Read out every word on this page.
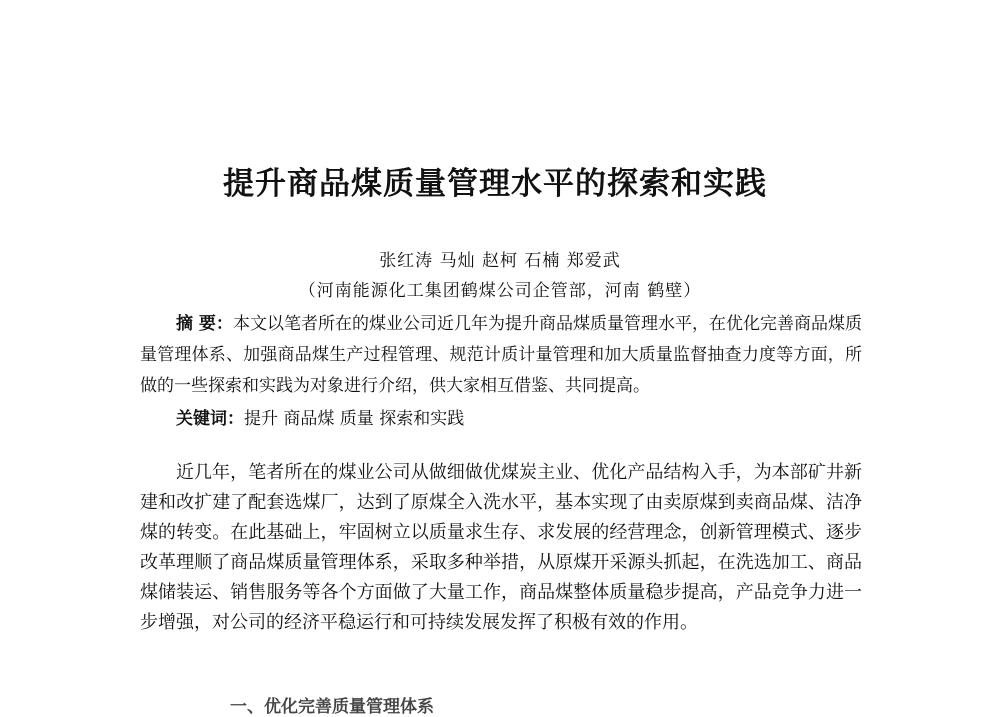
提升商品煤质量管理水平的探索和实践
张红涛 马灿 赵柯 石楠 郑爱武
（河南能源化工集团鹤煤公司企管部，河南 鹤壁）
摘 要：本文以笔者所在的煤业公司近几年为提升商品煤质量管理水平，在优化完善商品煤质量管理体系、加强商品煤生产过程管理、规范计质计量管理和加大质量监督抽查力度等方面，所做的一些探索和实践为对象进行介绍，供大家相互借鉴、共同提高。
关键词：提升 商品煤 质量 探索和实践
近几年，笔者所在的煤业公司从做细做优煤炭主业、优化产品结构入手，为本部矿井新建和改扩建了配套选煤厂，达到了原煤全入洗水平，基本实现了由卖原煤到卖商品煤、洁净煤的转变。在此基础上，牢固树立以质量求生存、求发展的经营理念，创新管理模式、逐步改革理顺了商品煤质量管理体系，采取多种举措，从原煤开采源头抓起，在洗选加工、商品煤储装运、销售服务等各个方面做了大量工作，商品煤整体质量稳步提高，产品竞争力进一步增强，对公司的经济平稳运行和可持续发展发挥了积极有效的作用。
一、优化完善质量管理体系
